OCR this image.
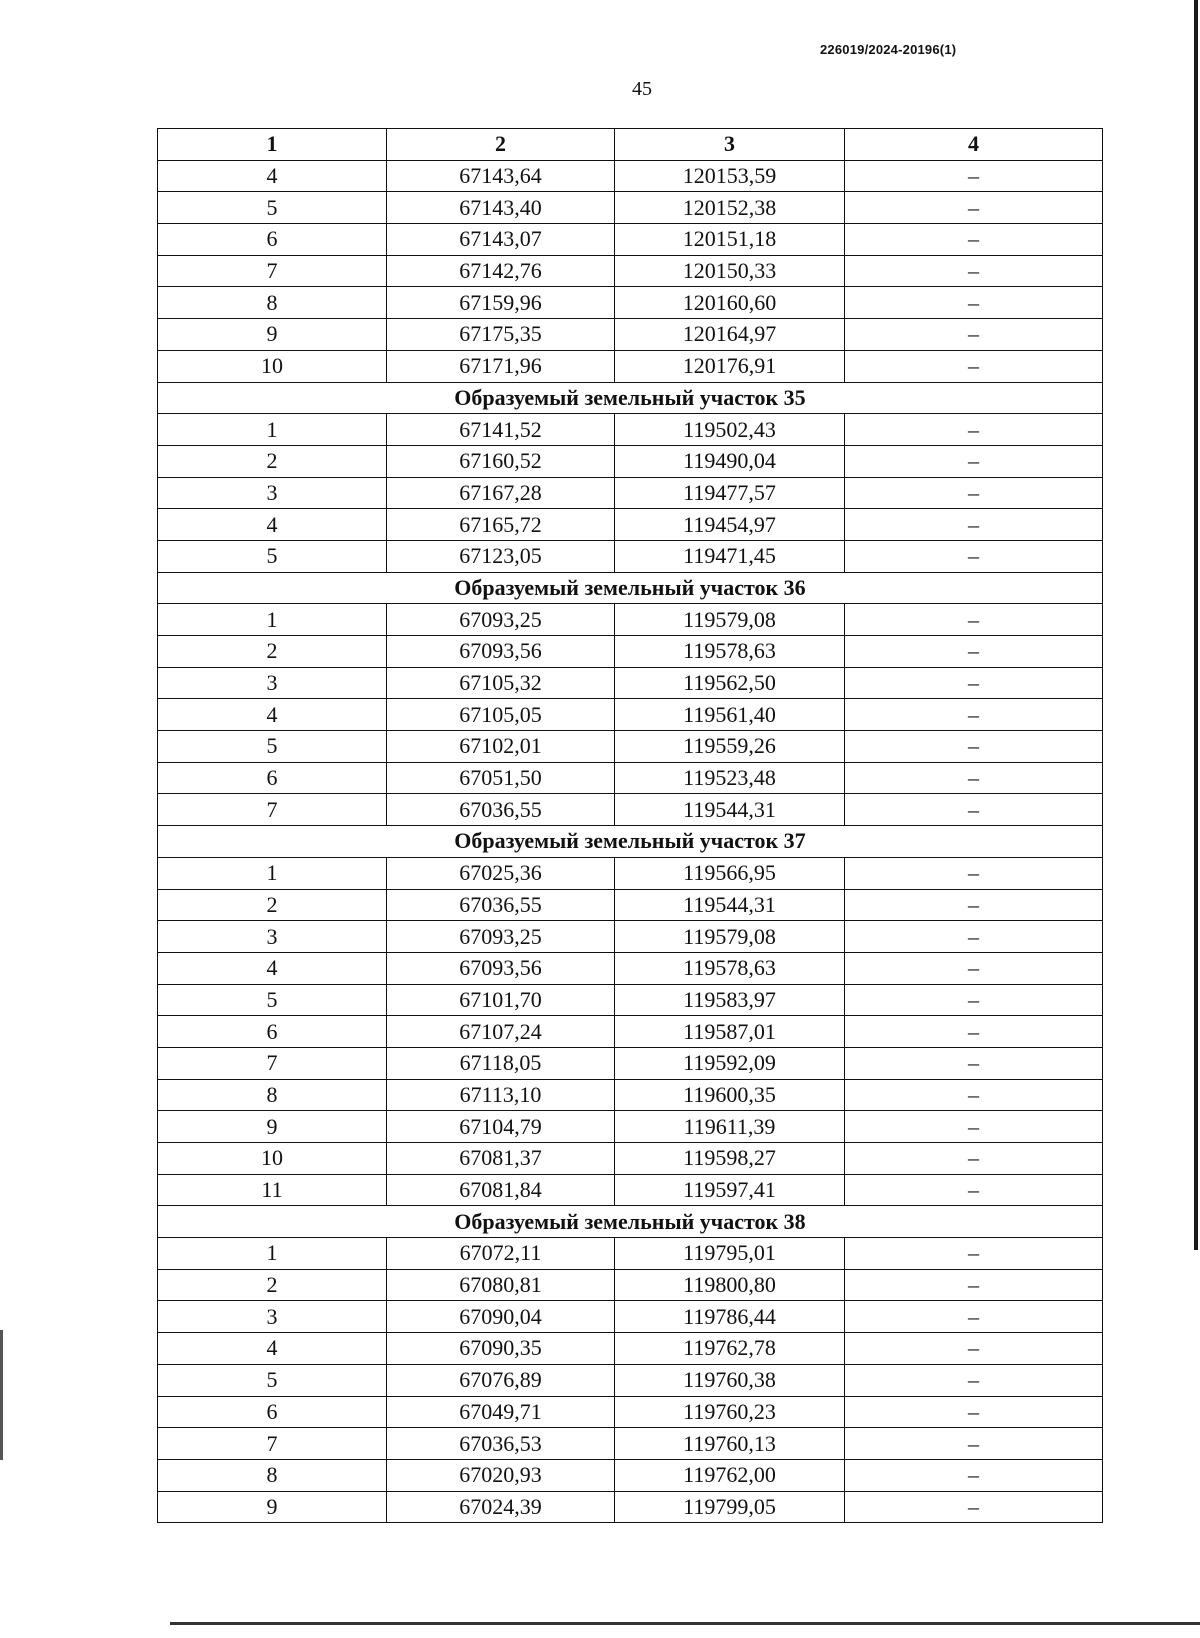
226019/2024-20196(1)
45
1	2	3	4
4	67143,64	120153,59	–
5	67143,40	120152,38	–
6	67143,07	120151,18	–
7	67142,76	120150,33	–
8	67159,96	120160,60	–
9	67175,35	120164,97	–
10	67171,96	120176,91	–
Образуемый земельный участок 35			
1	67141,52	119502,43	–
2	67160,52	119490,04	–
3	67167,28	119477,57	–
4	67165,72	119454,97	–
5	67123,05	119471,45	–
Образуемый земельный участок 36			
1	67093,25	119579,08	–
2	67093,56	119578,63	–
3	67105,32	119562,50	–
4	67105,05	119561,40	–
5	67102,01	119559,26	–
6	67051,50	119523,48	–
7	67036,55	119544,31	–
Образуемый земельный участок 37			
1	67025,36	119566,95	–
2	67036,55	119544,31	–
3	67093,25	119579,08	–
4	67093,56	119578,63	–
5	67101,70	119583,97	–
6	67107,24	119587,01	–
7	67118,05	119592,09	–
8	67113,10	119600,35	–
9	67104,79	119611,39	–
10	67081,37	119598,27	–
11	67081,84	119597,41	–
Образуемый земельный участок 38			
1	67072,11	119795,01	–
2	67080,81	119800,80	–
3	67090,04	119786,44	–
4	67090,35	119762,78	–
5	67076,89	119760,38	–
6	67049,71	119760,23	–
7	67036,53	119760,13	–
8	67020,93	119762,00	–
9	67024,39	119799,05	–
